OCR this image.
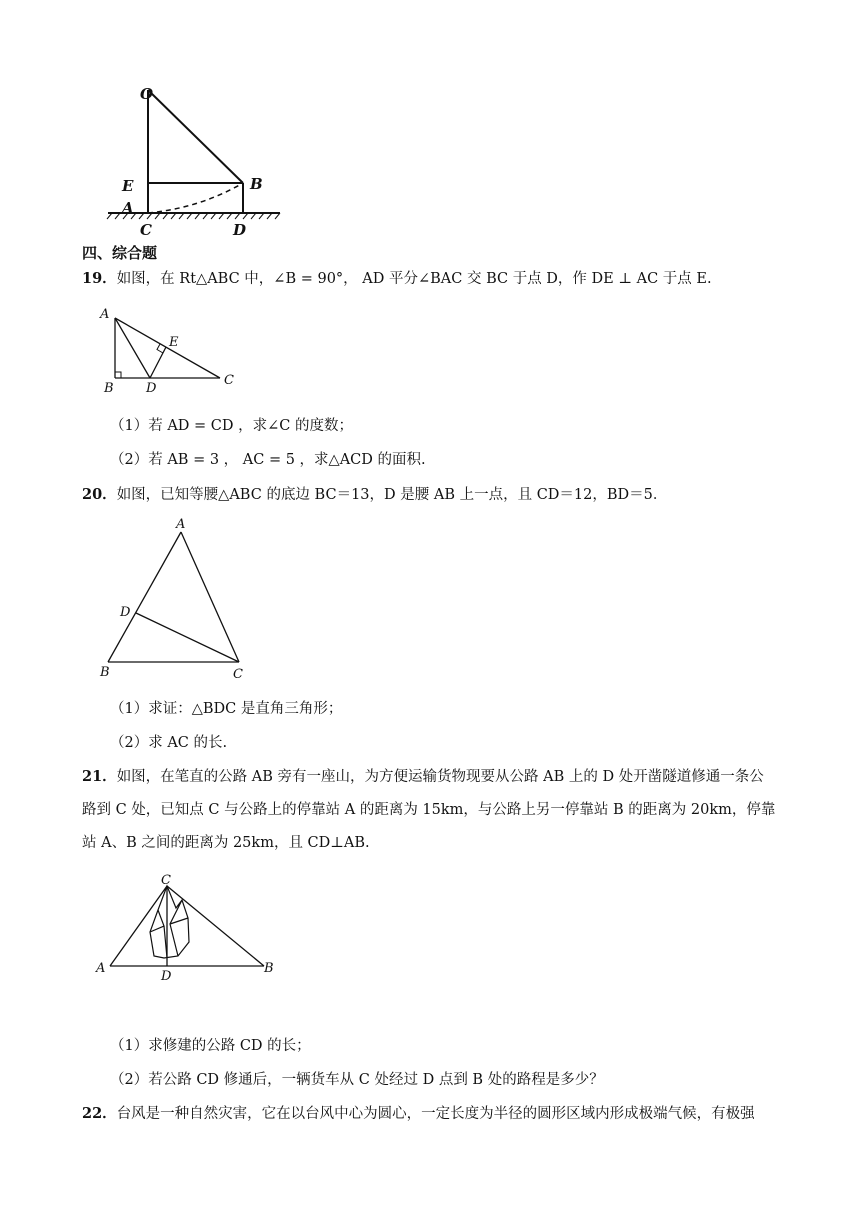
O
E	B
A
C	D
四、综合题
19．如图，在 Rt△ABC 中，∠B = 90°， AD 平分∠BAC 交 BC 于点 D，作 DE ⊥ AC 于点 E.
A
B
C
D
E
（1）若 AD = CD ，求∠C 的度数；
（2）若 AB = 3 ， AC = 5 ，求△ACD 的面积.
20．如图，已知等腰△ABC 的底边 BC＝13，D 是腰 AB 上一点，且 CD＝12，BD＝5．
A
B	C
D
（1）求证：△BDC 是直角三角形；
（2）求 AC 的长.
21．如图，在笔直的公路 AB 旁有一座山，为方便运输货物现要从公路 AB 上的 D 处开凿隧道修通一条公
路到 C 处，已知点 C 与公路上的停靠站 A 的距离为 15km，与公路上另一停靠站 B 的距离为 20km，停靠
站 A、B 之间的距离为 25km，且 CD⊥AB.
A	B
C
D
（1）求修建的公路 CD 的长；
（2）若公路 CD 修通后，一辆货车从 C 处经过 D 点到 B 处的路程是多少？
22．台风是一种自然灾害，它在以台风中心为圆心，一定长度为半径的圆形区域内形成极端气候，有极强
